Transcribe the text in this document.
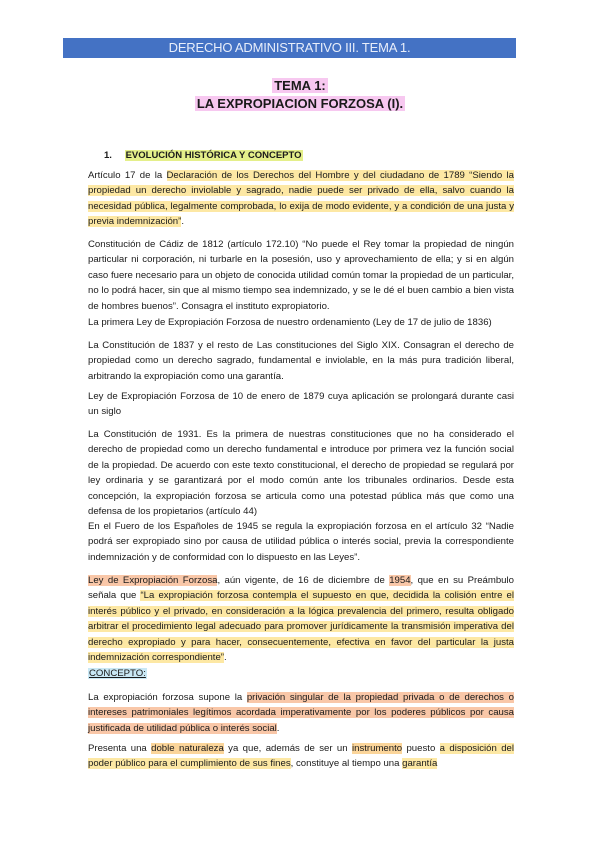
DERECHO ADMINISTRATIVO III. TEMA 1.
TEMA 1:
LA EXPROPIACION FORZOSA (I).
1. EVOLUCIÓN HISTÓRICA Y CONCEPTO
Artículo 17 de la Declaración de los Derechos del Hombre y del ciudadano de 1789 “Siendo la propiedad un derecho inviolable y sagrado, nadie puede ser privado de ella, salvo cuando la necesidad pública, legalmente comprobada, lo exija de modo evidente, y a condición de una justa y previa indemnización”.
Constitución de Cádiz de 1812 (artículo 172.10) “No puede el Rey tomar la propiedad de ningún particular ni corporación, ni turbarle en la posesión, uso y aprovechamiento de ella; y si en algún caso fuere necesario para un objeto de conocida utilidad común tomar la propiedad de un particular, no lo podrá hacer, sin que al mismo tiempo sea indemnizado, y se le dé el buen cambio a bien vista de hombres buenos”. Consagra el instituto expropiatorio.
La primera Ley de Expropiación Forzosa de nuestro ordenamiento (Ley de 17 de julio de 1836)
La Constitución de 1837 y el resto de Las constituciones del Siglo XIX. Consagran el derecho de propiedad como un derecho sagrado, fundamental e inviolable, en la más pura tradición liberal, arbitrando la expropiación como una garantía.
Ley de Expropiación Forzosa de 10 de enero de 1879 cuya aplicación se prolongará durante casi un siglo
La Constitución de 1931. Es la primera de nuestras constituciones que no ha considerado el derecho de propiedad como un derecho fundamental e introduce por primera vez la función social de la propiedad. De acuerdo con este texto constitucional, el derecho de propiedad se regulará por ley ordinaria y se garantizará por el modo común ante los tribunales ordinarios. Desde esta concepción, la expropiación forzosa se articula como una potestad pública más que como una defensa de los propietarios (artículo 44)
En el Fuero de los Españoles de 1945 se regula la expropiación forzosa en el artículo 32 “Nadie podrá ser expropiado sino por causa de utilidad pública o interés social, previa la correspondiente indemnización y de conformidad con lo dispuesto en las Leyes”.
Ley de Expropiación Forzosa, aún vigente, de 16 de diciembre de 1954, que en su Preámbulo señala que “La expropiación forzosa contempla el supuesto en que, decidida la colisión entre el interés público y el privado, en consideración a la lógica prevalencia del primero, resulta obligado arbitrar el procedimiento legal adecuado para promover jurídicamente la transmisión imperativa del derecho expropiado y para hacer, consecuentemente, efectiva en favor del particular la justa indemnización correspondiente”.
CONCEPTO:
La expropiación forzosa supone la privación singular de la propiedad privada o de derechos o intereses patrimoniales legítimos acordada imperativamente por los poderes públicos por causa justificada de utilidad pública o interés social.
Presenta una doble naturaleza ya que, además de ser un instrumento puesto a disposición del poder público para el cumplimiento de sus fines, constituye al tiempo una garantía
